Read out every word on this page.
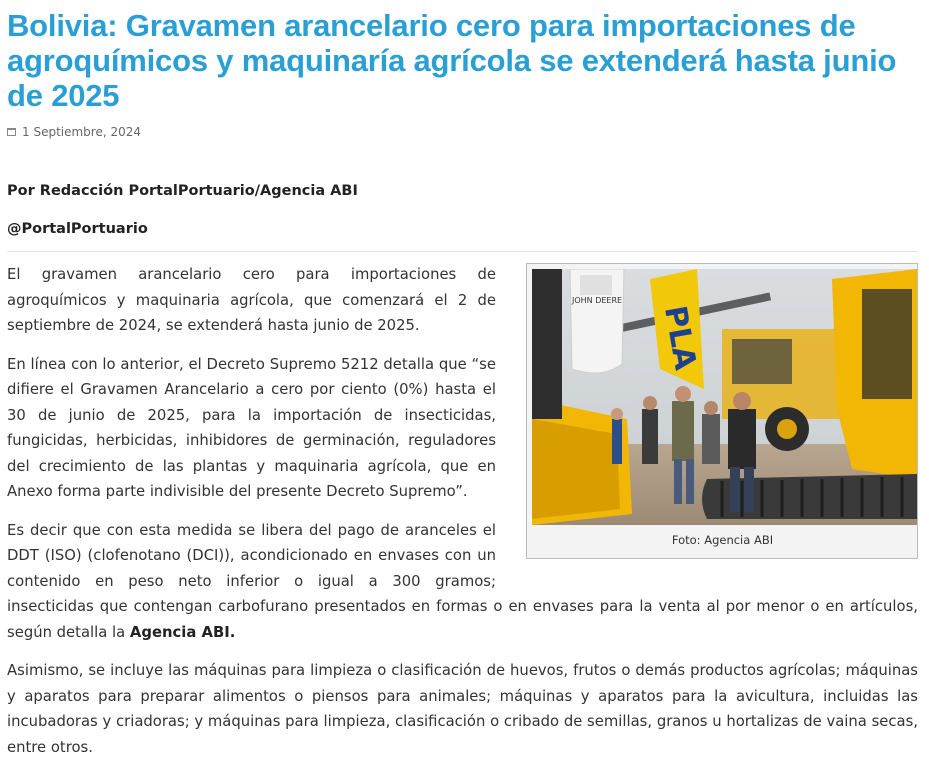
Bolivia: Gravamen arancelario cero para importaciones de agroquímicos y maquinaría agrícola se extenderá hasta junio de 2025
1 Septiembre, 2024
Por Redacción PortalPortuario/Agencia ABI
@PortalPortuario
JOHN DEERE
PLA
Foto: Agencia ABI

El gravamen arancelario cero para importaciones de agroquímicos y maquinaria agrícola, que comenzará el 2 de septiembre de 2024, se extenderá hasta junio de 2025.

En línea con lo anterior, el Decreto Supremo 5212 detalla que “se difiere el Gravamen Arancelario a cero por ciento (0%) hasta el 30 de junio de 2025, para la importación de insecticidas, fungicidas, herbicidas, inhibidores de germinación, reguladores del crecimiento de las plantas y maquinaria agrícola, que en Anexo forma parte indivisible del presente Decreto Supremo”.

Es decir que con esta medida se libera del pago de aranceles el DDT (ISO) (clofenotano (DCI)), acondicionado en envases con un contenido en peso neto inferior o igual a 300 gramos; insecticidas que contengan carbofurano presentados en formas o en envases para la venta al por menor o en artículos, según detalla la Agencia ABI.

Asimismo, se incluye las máquinas para limpieza o clasificación de huevos, frutos o demás productos agrícolas; máquinas y aparatos para preparar alimentos o piensos para animales; máquinas y aparatos para la avicultura, incluidas las incubadoras y criadoras; y máquinas para limpieza, clasificación o cribado de semillas, granos u hortalizas de vaina secas, entre otros.
